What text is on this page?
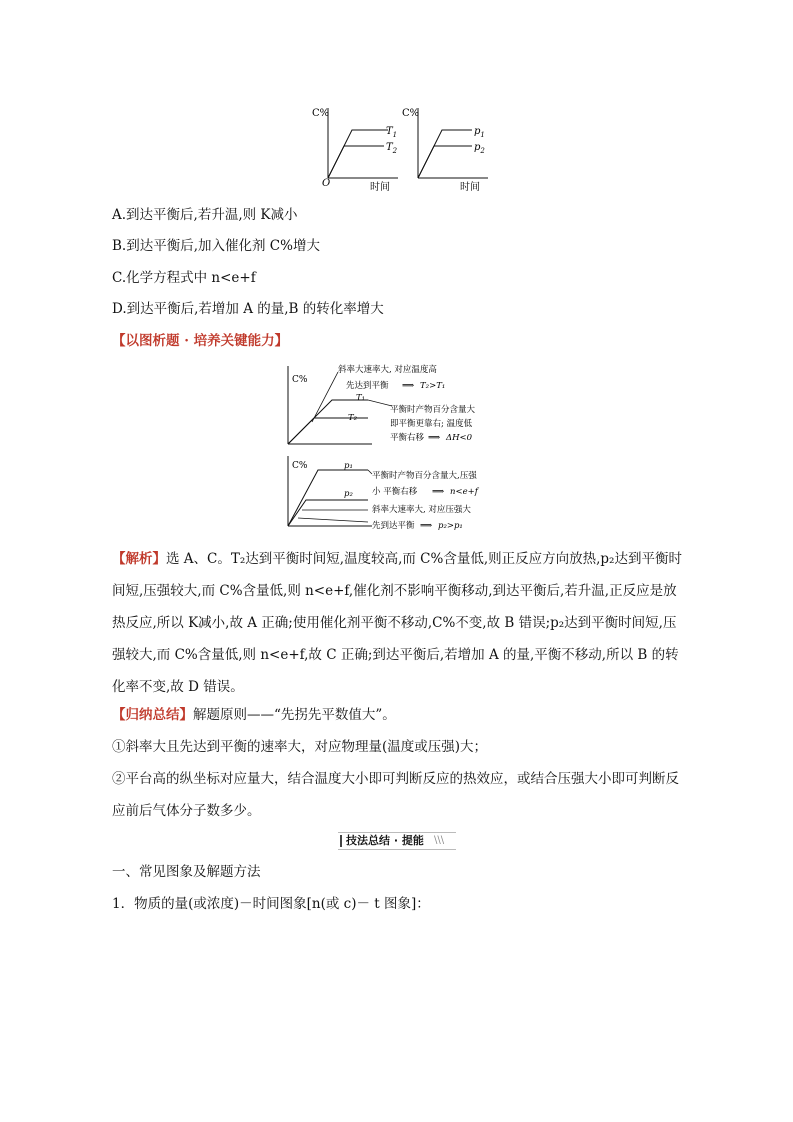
C%
O	时间
$T_1$
$T_2$
C%
时间
$p_1$
$p_2$
A.到达平衡后,若升温,则 K减小
B.到达平衡后,加入催化剂 C%增大
C.化学方程式中 n<e+f
D.到达平衡后,若增加 A 的量,B 的转化率增大
【以图析题 · 培养关键能力】
C%
斜率大速率大, 对应温度高
先达到平衡 ⟹ T₂>T₁
T₁
T₂
平衡时产物百分含量大
即平衡更靠右; 温度低
平衡右移 ⟹ ΔH<0
C%	p₁
p₂
平衡时产物百分含量大,压强
小 平衡右移 ⟹ n<e+f
斜率大速率大, 对应压强大
先到达平衡 ⟹ p₂>p₁
【解析】选 A、C。T₂达到平衡时间短,温度较高,而 C%含量低,则正反应方向放热,p₂达到平衡时间短,压强较大,而 C%含量低,则 n<e+f,催化剂不影响平衡移动,到达平衡后,若升温,正反应是放热反应,所以 K减小,故 A 正确;使用催化剂平衡不移动,C%不变,故 B 错误;p₂达到平衡时间短,压强较大,而 C%含量低,则 n<e+f,故 C 正确;到达平衡后,若增加 A 的量,平衡不移动,所以 B 的转化率不变,故 D 错误。
【归纳总结】解题原则——“先拐先平数值大”。
①斜率大且先达到平衡的速率大，对应物理量(温度或压强)大；
②平台高的纵坐标对应量大，结合温度大小即可判断反应的热效应，或结合压强大小即可判断反应前后气体分子数多少。
技法总结 · 提能 \\\
一、常见图象及解题方法
1．物质的量(或浓度)－时间图象[n(或 c)－ t 图象]：
